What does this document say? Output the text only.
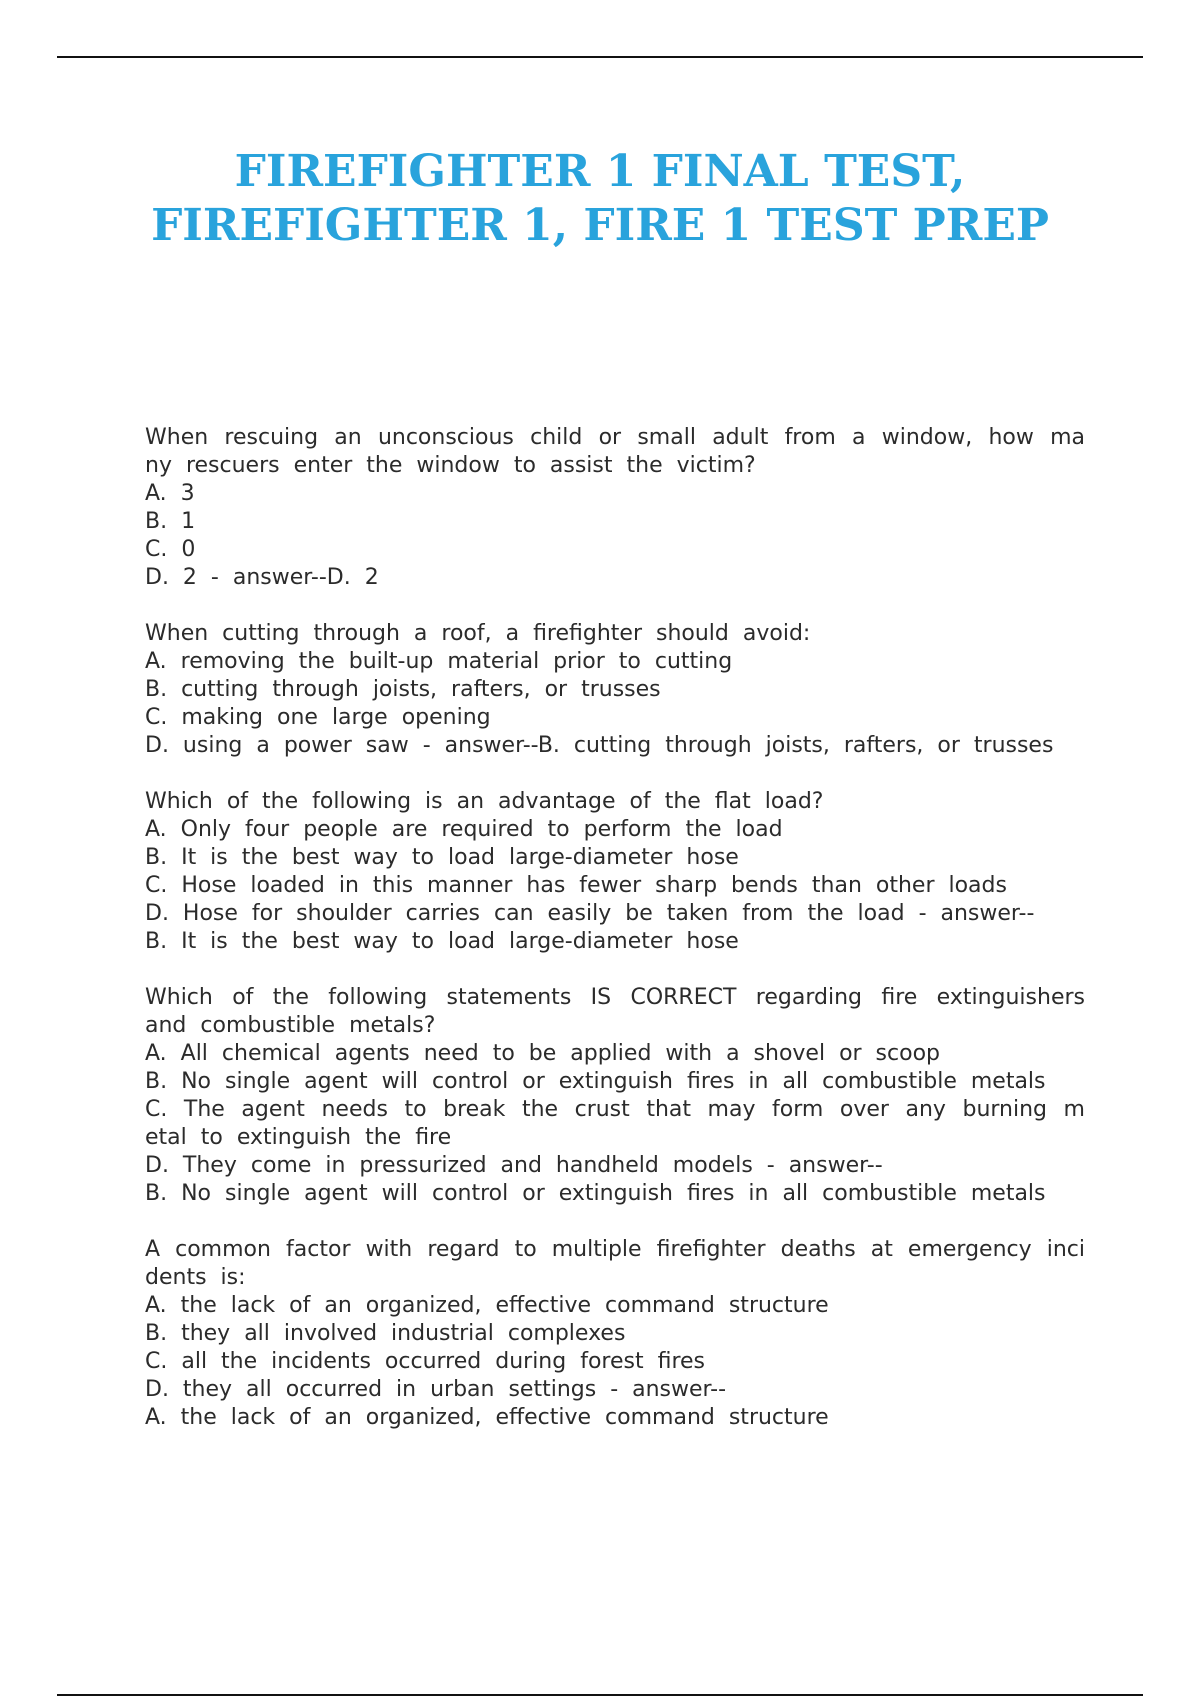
FIREFIGHTER 1 FINAL TEST,
FIREFIGHTER 1, FIRE 1 TEST PREP
When rescuing an unconscious child or small adult from a window, how ma
ny rescuers enter the window to assist the victim?
A. 3
B. 1
C. 0
D. 2 - answer--D. 2
When cutting through a roof, a firefighter should avoid:
A. removing the built-up material prior to cutting
B. cutting through joists, rafters, or trusses
C. making one large opening
D. using a power saw - answer--B. cutting through joists, rafters, or trusses
Which of the following is an advantage of the flat load?
A. Only four people are required to perform the load
B. It is the best way to load large-diameter hose
C. Hose loaded in this manner has fewer sharp bends than other loads
D. Hose for shoulder carries can easily be taken from the load - answer--
B. It is the best way to load large-diameter hose
Which of the following statements IS CORRECT regarding fire extinguishers
and combustible metals?
A. All chemical agents need to be applied with a shovel or scoop
B. No single agent will control or extinguish fires in all combustible metals
C. The agent needs to break the crust that may form over any burning m
etal to extinguish the fire
D. They come in pressurized and handheld models - answer--
B. No single agent will control or extinguish fires in all combustible metals
A common factor with regard to multiple firefighter deaths at emergency inci
dents is:
A. the lack of an organized, effective command structure
B. they all involved industrial complexes
C. all the incidents occurred during forest fires
D. they all occurred in urban settings - answer--
A. the lack of an organized, effective command structure
